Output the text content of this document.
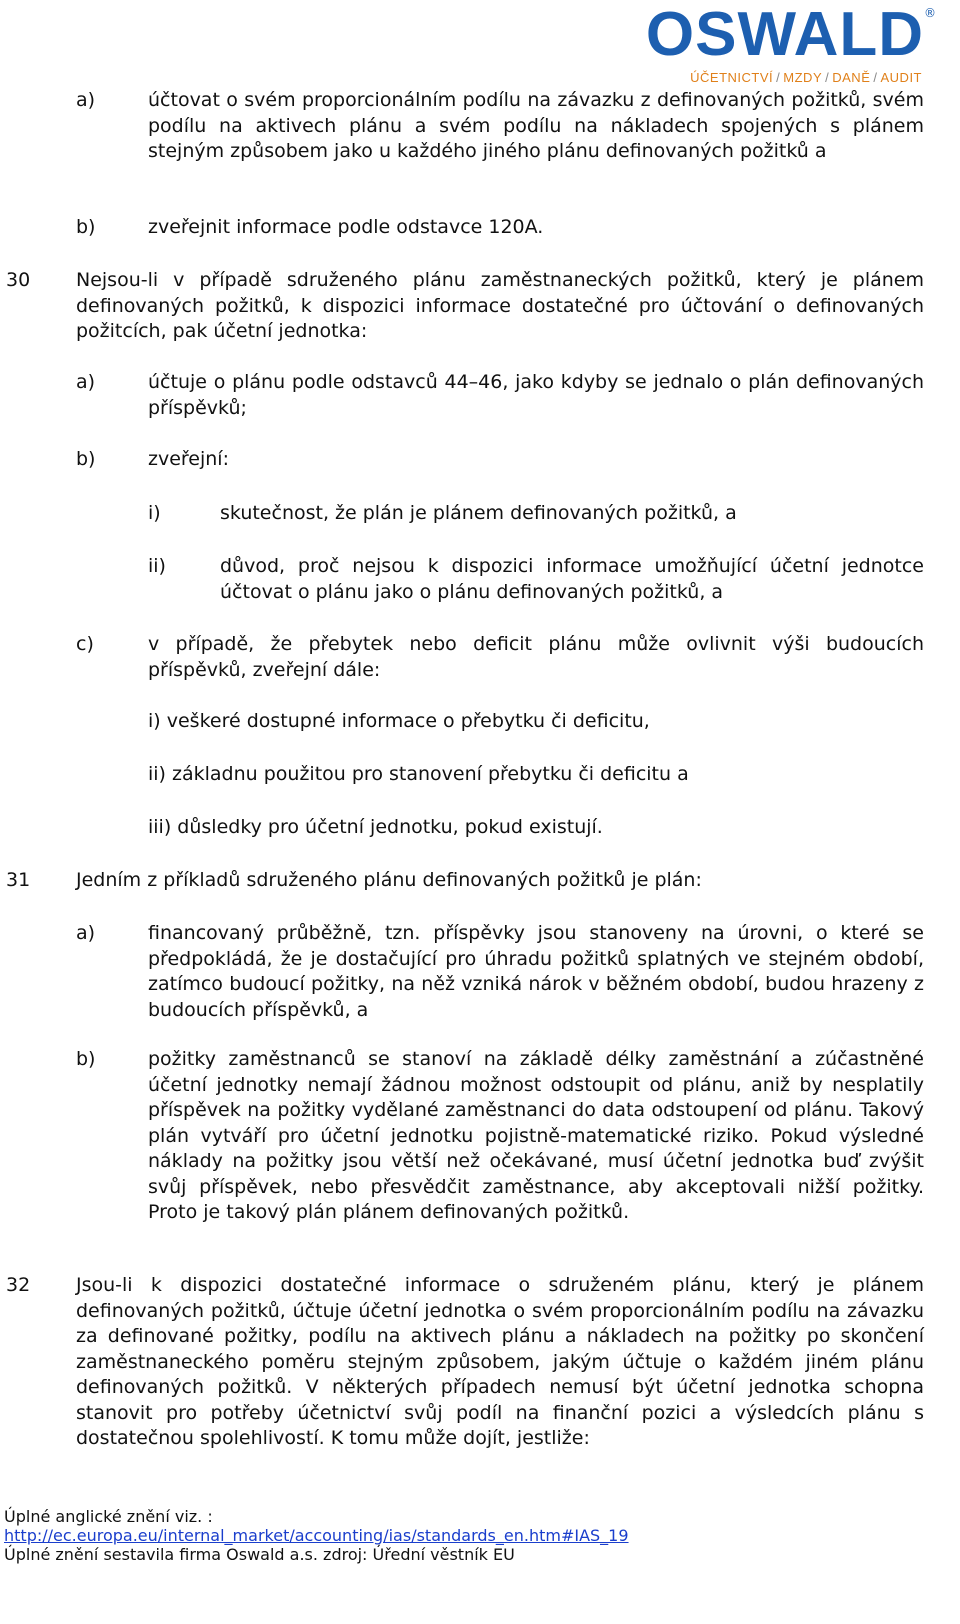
OSWALD ®
ÚČETNICTVÍ / MZDY / DANĚ / AUDIT
a)	účtovat o svém proporcionálním podílu na závazku z definovaných požitků, svém podílu na aktivech plánu a svém podílu na nákladech spojených s plánem stejným způsobem jako u každého jiného plánu definovaných požitků a
b)	zveřejnit informace podle odstavce 120A.
30 Nejsou-li v případě sdruženého plánu zaměstnaneckých požitků, který je plánem definovaných požitků, k dispozici informace dostatečné pro účtování o definovaných požitcích, pak účetní jednotka:
a)	účtuje o plánu podle odstavců 44–46, jako kdyby se jednalo o plán definovaných příspěvků;
b)	zveřejní:
i)	skutečnost, že plán je plánem definovaných požitků, a
ii)	důvod, proč nejsou k dispozici informace umožňující účetní jednotce účtovat o plánu jako o plánu definovaných požitků, a
c)	v případě, že přebytek nebo deficit plánu může ovlivnit výši budoucích příspěvků, zveřejní dále:
i) veškeré dostupné informace o přebytku či deficitu,
ii) základnu použitou pro stanovení přebytku či deficitu a
iii) důsledky pro účetní jednotku, pokud existují.
31 Jedním z příkladů sdruženého plánu definovaných požitků je plán:
a)	financovaný průběžně, tzn. příspěvky jsou stanoveny na úrovni, o které se předpokládá, že je dostačující pro úhradu požitků splatných ve stejném období, zatímco budoucí požitky, na něž vzniká nárok v běžném období, budou hrazeny z budoucích příspěvků, a
b)	požitky zaměstnanců se stanoví na základě délky zaměstnání a zúčastněné účetní jednotky nemají žádnou možnost odstoupit od plánu, aniž by nesplatily příspěvek na požitky vydělané zaměstnanci do data odstoupení od plánu. Takový plán vytváří pro účetní jednotku pojistně-matematické riziko. Pokud výsledné náklady na požitky jsou větší než očekávané, musí účetní jednotka buď zvýšit svůj příspěvek, nebo přesvědčit zaměstnance, aby akceptovali nižší požitky. Proto je takový plán plánem definovaných požitků.
32 Jsou-li k dispozici dostatečné informace o sdruženém plánu, který je plánem definovaných požitků, účtuje účetní jednotka o svém proporcionálním podílu na závazku za definované požitky, podílu na aktivech plánu a nákladech na požitky po skončení zaměstnaneckého poměru stejným způsobem, jakým účtuje o každém jiném plánu definovaných požitků. V některých případech nemusí být účetní jednotka schopna stanovit pro potřeby účetnictví svůj podíl na finanční pozici a výsledcích plánu s dostatečnou spolehlivostí. K tomu může dojít, jestliže:
Úplné anglické znění viz. :
http://ec.europa.eu/internal_market/accounting/ias/standards_en.htm#IAS_19
Úplné znění sestavila firma Oswald a.s. zdroj: Úřední věstník EU
